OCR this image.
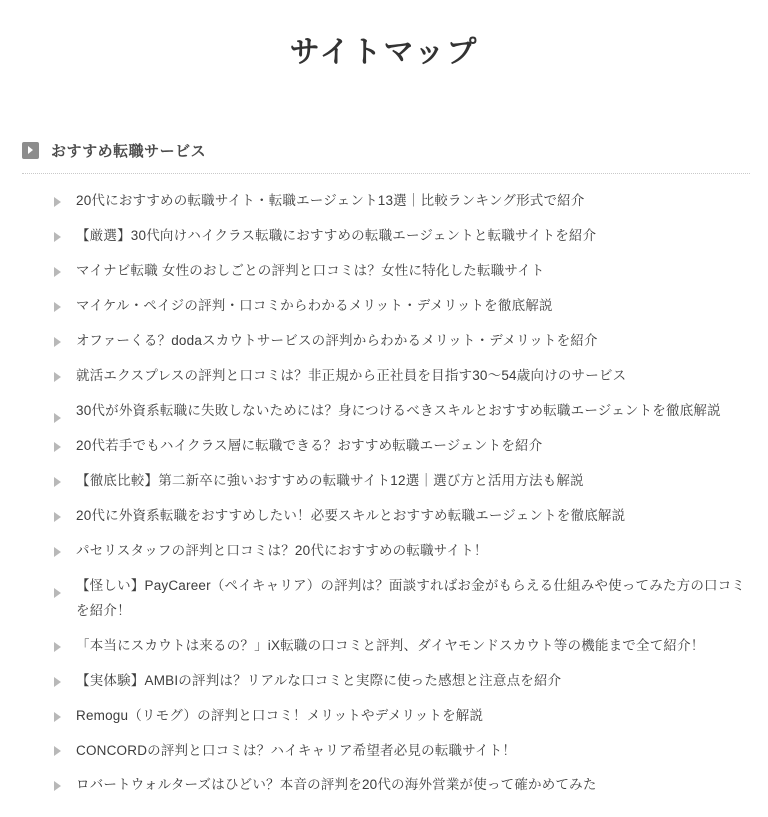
サイトマップ
おすすめ転職サービス
20代におすすめの転職サイト・転職エージェント13選｜比較ランキング形式で紹介
【厳選】30代向けハイクラス転職におすすめの転職エージェントと転職サイトを紹介
マイナビ転職 女性のおしごとの評判と口コミは？女性に特化した転職サイト
マイケル・ペイジの評判・口コミからわかるメリット・デメリットを徹底解説
オファーくる？dodaスカウトサービスの評判からわかるメリット・デメリットを紹介
就活エクスプレスの評判と口コミは？非正規から正社員を目指す30〜54歳向けのサービス
30代が外資系転職に失敗しないためには？身につけるべきスキルとおすすめ転職エージェントを徹底解説
20代若手でもハイクラス層に転職できる？おすすめ転職エージェントを紹介
【徹底比較】第二新卒に強いおすすめの転職サイト12選｜選び方と活用方法も解説
20代に外資系転職をおすすめしたい！必要スキルとおすすめ転職エージェントを徹底解説
パセリスタッフの評判と口コミは？20代におすすめの転職サイト！
【怪しい】PayCareer（ペイキャリア）の評判は？面談すればお金がもらえる仕組みや使ってみた方の口コミを紹介！
「本当にスカウトは来るの？」iX転職の口コミと評判、ダイヤモンドスカウト等の機能まで全て紹介！
【実体験】AMBIの評判は？リアルな口コミと実際に使った感想と注意点を紹介
Remogu（リモグ）の評判と口コミ！メリットやデメリットを解説
CONCORDの評判と口コミは？ハイキャリア希望者必見の転職サイト！
ロバートウォルターズはひどい？本音の評判を20代の海外営業が使って確かめてみた
